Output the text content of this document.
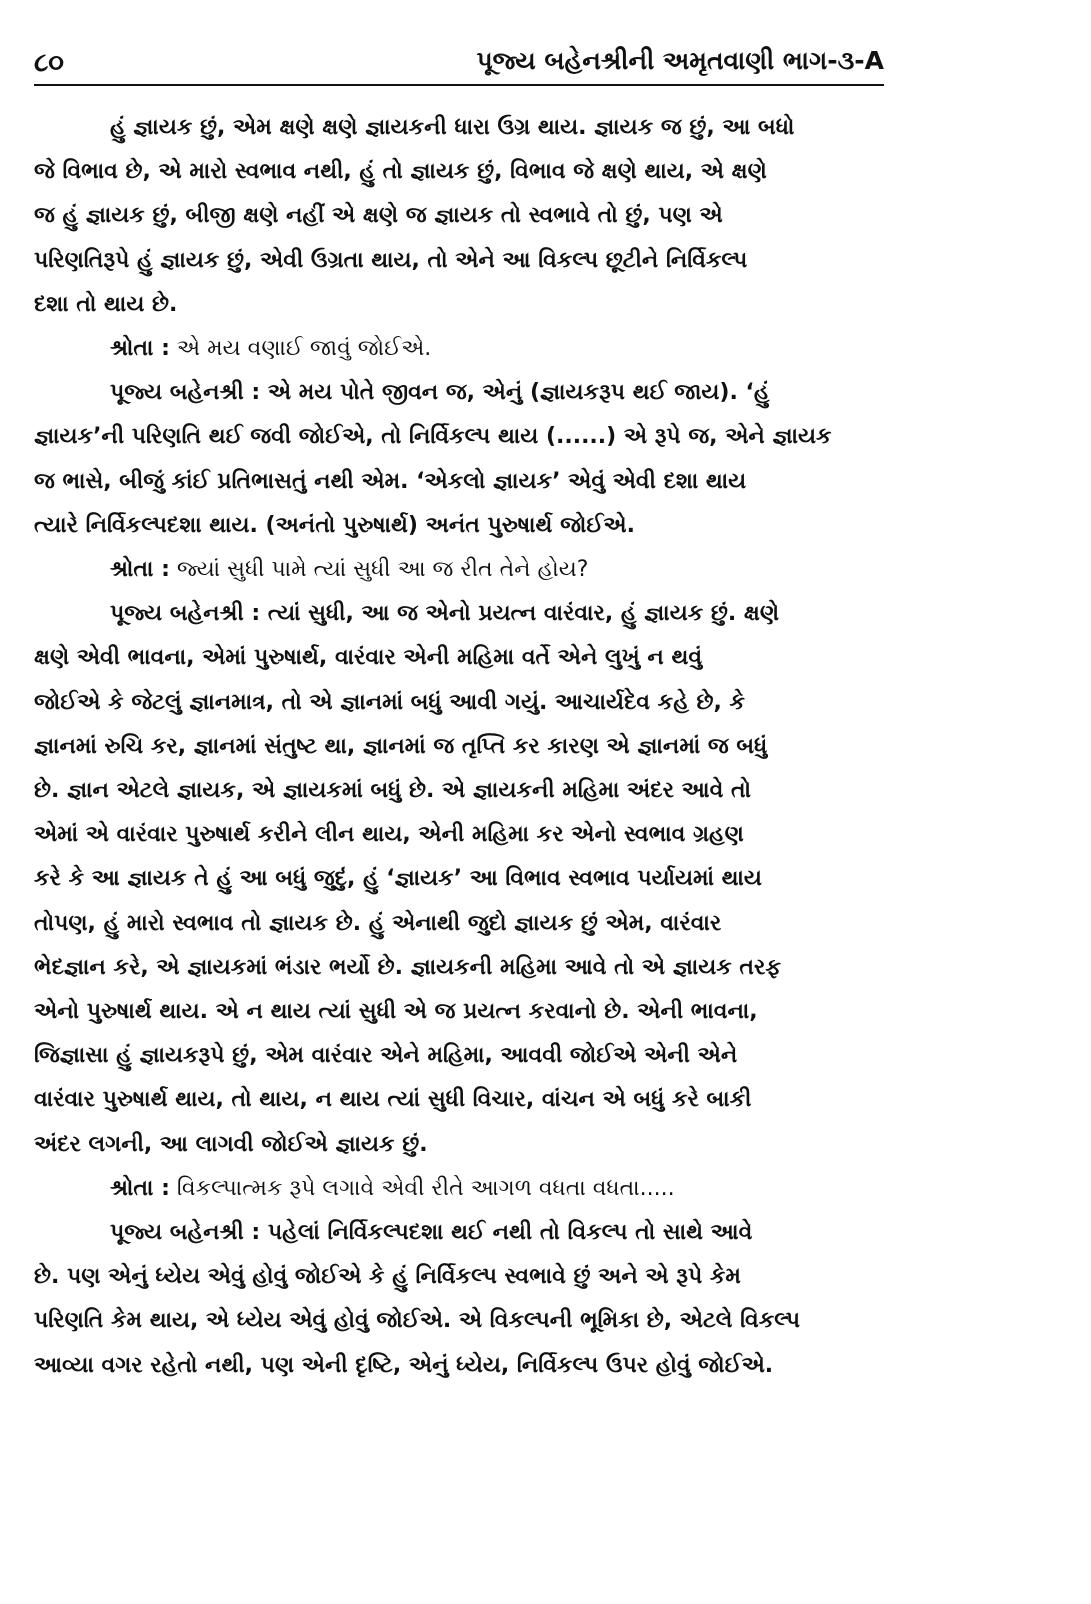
૮૦	પૂજ્ય બહેનશ્રીની અમૃતવાણી ભાગ-૩-A
હું જ્ઞાયક છું, એમ ક્ષણે ક્ષણે જ્ઞાયકની ધારા ઉગ્ર થાય. જ્ઞાયક જ છું, આ બધો
જે વિભાવ છે, એ મારો સ્વભાવ નથી, હું તો જ્ઞાયક છું, વિભાવ જે ક્ષણે થાય, એ ક્ષણે
જ હું જ્ઞાયક છું, બીજી ક્ષણે નહીં એ ક્ષણે જ જ્ઞાયક તો સ્વભાવે તો છું, પણ એ
પરિણતિરૂપે હું જ્ઞાયક છું, એવી ઉગ્રતા થાય, તો એને આ વિકલ્પ છૂટીને નિર્વિકલ્પ
દશા તો થાય છે.
શ્રોતા : એ મય વણાઈ જાવું જોઈએ.
પૂજ્ય બહેનશ્રી : એ મય પોતે જીવન જ, એનું (જ્ઞાયકરૂપ થઈ જાય). ‘હું
જ્ઞાયક’ની પરિણતિ થઈ જવી જોઈએ, તો નિર્વિકલ્પ થાય (......) એ રૂપે જ, એને જ્ઞાયક
જ ભાસે, બીજું કાંઈ પ્રતિભાસતું નથી એમ. ‘એકલો જ્ઞાયક’ એવું એવી દશા થાય
ત્યારે નિર્વિકલ્પદશા થાય. (અનંતો પુરુષાર્થ) અનંત પુરુષાર્થ જોઈએ.
શ્રોતા : જ્યાં સુધી પામે ત્યાં સુધી આ જ રીત તેને હોય?
પૂજ્ય બહેનશ્રી : ત્યાં સુધી, આ જ એનો પ્રયત્ન વારંવાર, હું જ્ઞાયક છું. ક્ષણે
ક્ષણે એવી ભાવના, એમાં પુરુષાર્થ, વારંવાર એની મહિમા વર્તે એને લુખું ન થવું
જોઈએ કે જેટલું જ્ઞાનમાત્ર, તો એ જ્ઞાનમાં બધું આવી ગયું. આચાર્યદેવ કહે છે, કે
જ્ઞાનમાં રુચિ કર, જ્ઞાનમાં સંતુષ્ટ થા, જ્ઞાનમાં જ તૃપ્તિ કર કારણ એ જ્ઞાનમાં જ બધું
છે. જ્ઞાન એટલે જ્ઞાયક, એ જ્ઞાયકમાં બધું છે. એ જ્ઞાયકની મહિમા અંદર આવે તો
એમાં એ વારંવાર પુરુષાર્થ કરીને લીન થાય, એની મહિમા કર એનો સ્વભાવ ગ્રહણ
કરે કે આ જ્ઞાયક તે હું આ બધું જુદું, હું ‘જ્ઞાયક’ આ વિભાવ સ્વભાવ પર્યાયમાં થાય
તોપણ, હું મારો સ્વભાવ તો જ્ઞાયક છે. હું એનાથી જુદો જ્ઞાયક છું એમ, વારંવાર
ભેદજ્ઞાન કરે, એ જ્ઞાયકમાં ભંડાર ભર્યો છે. જ્ઞાયકની મહિમા આવે તો એ જ્ઞાયક તરફ
એનો પુરુષાર્થ થાય. એ ન થાય ત્યાં સુધી એ જ પ્રયત્ન કરવાનો છે. એની ભાવના,
જિજ્ઞાસા હું જ્ઞાયકરૂપે છું, એમ વારંવાર એને મહિમા, આવવી જોઈએ એની એને
વારંવાર પુરુષાર્થ થાય, તો થાય, ન થાય ત્યાં સુધી વિચાર, વાંચન એ બધું કરે બાકી
અંદર લગની, આ લાગવી જોઈએ જ્ઞાયક છું.
શ્રોતા : વિકલ્પાત્મક રૂપે લગાવે એવી રીતે આગળ વધતા વધતા.....
પૂજ્ય બહેનશ્રી : પહેલાં નિર્વિકલ્પદશા થઈ નથી તો વિકલ્પ તો સાથે આવે
છે. પણ એનું ધ્યેય એવું હોવું જોઈએ કે હું નિર્વિકલ્પ સ્વભાવે છું અને એ રૂપે કેમ
પરિણતિ કેમ થાય, એ ધ્યેય એવું હોવું જોઈએ. એ વિકલ્પની ભૂમિકા છે, એટલે વિકલ્પ
આવ્યા વગર રહેતો નથી, પણ એની દૃષ્ટિ, એનું ધ્યેય, નિર્વિકલ્પ ઉપર હોવું જોઈએ.
